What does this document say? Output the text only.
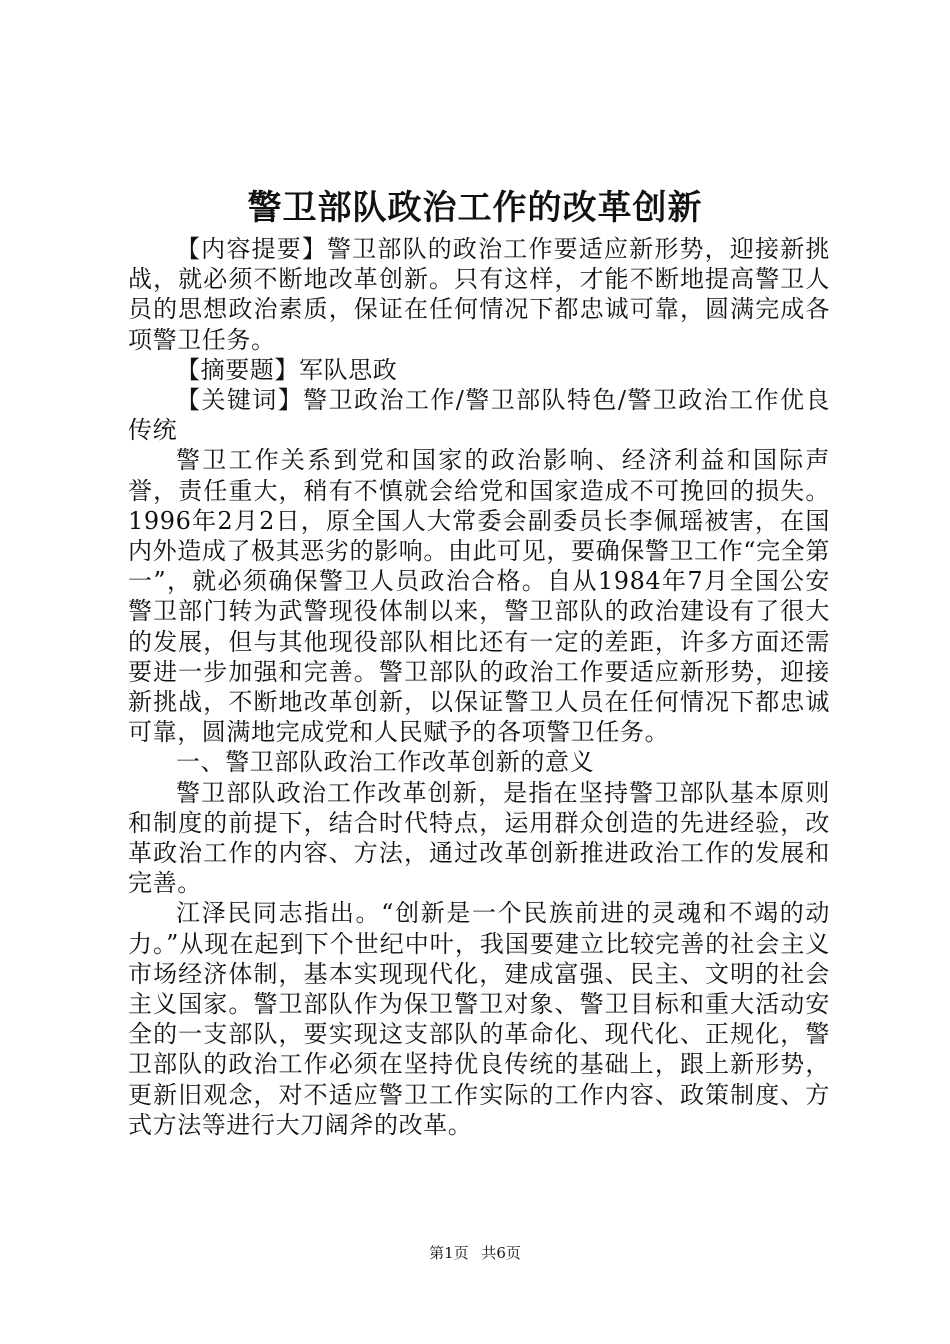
警卫部队政治工作的改革创新

【内容提要】警卫部队的政治工作要适应新形势，迎接新挑战，就必须不断地改革创新。只有这样，才能不断地提高警卫人员的思想政治素质，保证在任何情况下都忠诚可靠，圆满完成各项警卫任务。

【摘要题】军队思政

【关键词】警卫政治工作/警卫部队特色/警卫政治工作优良传统

警卫工作关系到党和国家的政治影响、经济利益和国际声誉，责任重大，稍有不慎就会给党和国家造成不可挽回的损失。1996年2月2日，原全国人大常委会副委员长李佩瑶被害，在国内外造成了极其恶劣的影响。由此可见，要确保警卫工作“完全第一”，就必须确保警卫人员政治合格。自从1984年7月全国公安警卫部门转为武警现役体制以来，警卫部队的政治建设有了很大的发展，但与其他现役部队相比还有一定的差距，许多方面还需要进一步加强和完善。警卫部队的政治工作要适应新形势，迎接新挑战，不断地改革创新，以保证警卫人员在任何情况下都忠诚可靠，圆满地完成党和人民赋予的各项警卫任务。

一、警卫部队政治工作改革创新的意义

警卫部队政治工作改革创新，是指在坚持警卫部队基本原则和制度的前提下，结合时代特点，运用群众创造的先进经验，改革政治工作的内容、方法，通过改革创新推进政治工作的发展和完善。

江泽民同志指出。“创新是一个民族前进的灵魂和不竭的动力。”从现在起到下个世纪中叶，我国要建立比较完善的社会主义市场经济体制，基本实现现代化，建成富强、民主、文明的社会主义国家。警卫部队作为保卫警卫对象、警卫目标和重大活动安全的一支部队，要实现这支部队的革命化、现代化、正规化，警卫部队的政治工作必须在坚持优良传统的基础上，跟上新形势，更新旧观念，对不适应警卫工作实际的工作内容、政策制度、方式方法等进行大刀阔斧的改革。

第1页 共6页
